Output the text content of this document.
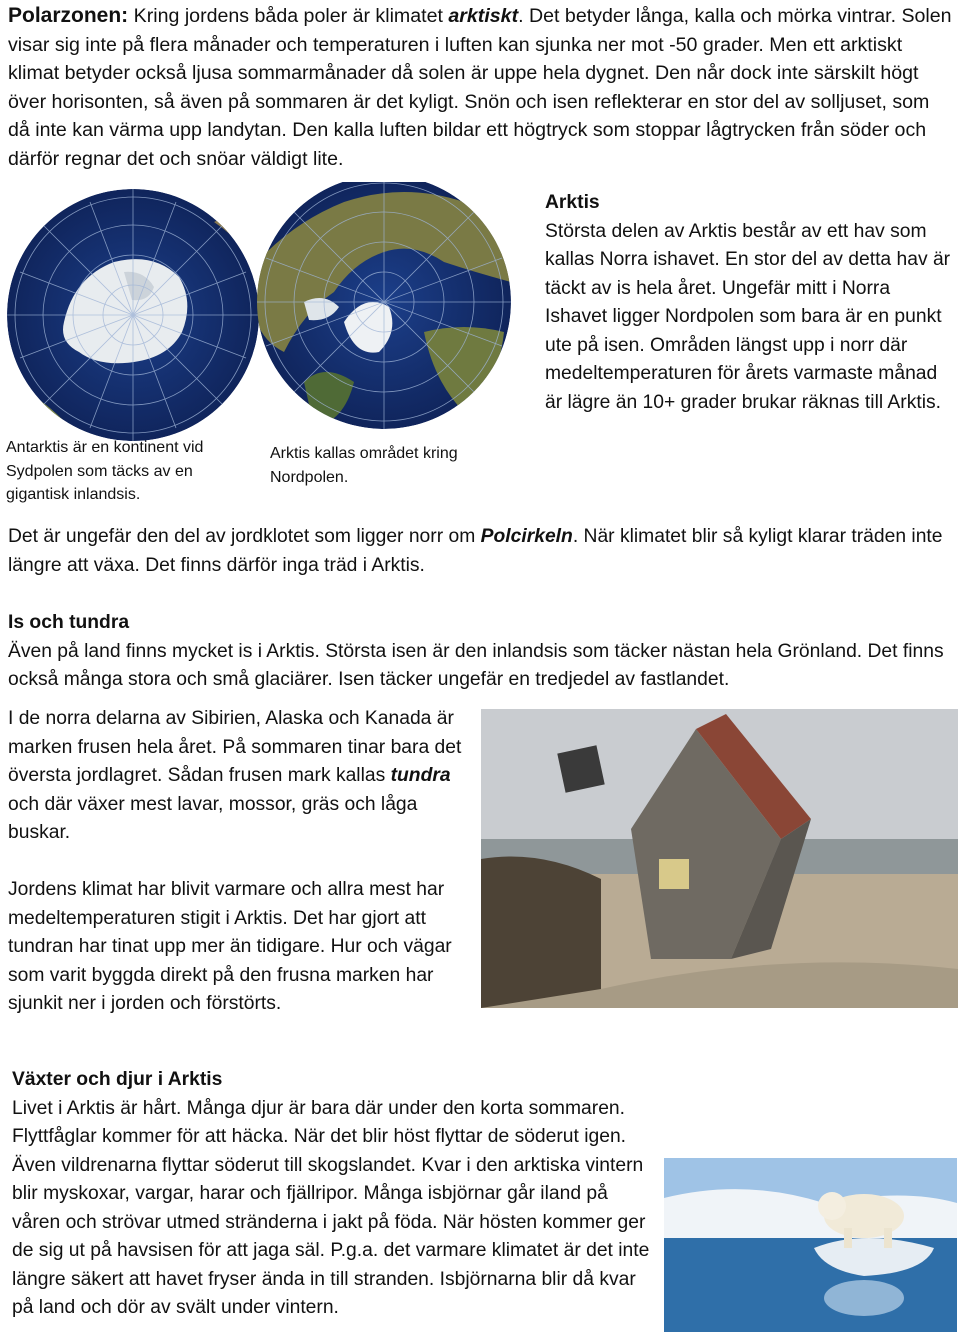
Polarzonen: Kring jordens båda poler är klimatet arktiskt. Det betyder långa, kalla och mörka vintrar. Solen visar sig inte på flera månader och temperaturen i luften kan sjunka ner mot -50 grader. Men ett arktiskt klimat betyder också ljusa sommarmånader då solen är uppe hela dygnet. Den når dock inte särskilt högt över horisonten, så även på sommaren är det kyligt. Snön och isen reflekterar en stor del av solljuset, som då inte kan värma upp landytan. Den kalla luften bildar ett högtryck som stoppar lågtrycken från söder och därför regnar det och snöar väldigt lite.
Antarktis är en kontinent vid Sydpolen som täcks av en gigantisk inlandsis.
Arktis kallas området kring Nordpolen.
Arktis
Största delen av Arktis består av ett hav som kallas Norra ishavet. En stor del av detta hav är täckt av is hela året. Ungefär mitt i Norra Ishavet ligger Nordpolen som bara är en punkt ute på isen. Områden längst upp i norr där medeltemperaturen för årets varmaste månad är lägre än 10+ grader brukar räknas till Arktis.
Det är ungefär den del av jordklotet som ligger norr om Polcirkeln. När klimatet blir så kyligt klarar träden inte längre att växa. Det finns därför inga träd i Arktis.
Is och tundra
Även på land finns mycket is i Arktis. Största isen är den inlandsis som täcker nästan hela Grönland. Det finns också många stora och små glaciärer. Isen täcker ungefär en tredjedel av fastlandet.
I de norra delarna av Sibirien, Alaska och Kanada är marken frusen hela året. På sommaren tinar bara det översta jordlagret. Sådan frusen mark kallas tundra och där växer mest lavar, mossor, gräs och låga buskar.
Jordens klimat har blivit varmare och allra mest har medeltemperaturen stigit i Arktis. Det har gjort att tundran har tinat upp mer än tidigare. Hur och vägar som varit byggda direkt på den frusna marken har sjunkit ner i jorden och förstörts.
Växter och djur i Arktis
Livet i Arktis är hårt. Många djur är bara där under den korta sommaren. Flyttfåglar kommer för att häcka. När det blir höst flyttar de söderut igen. Även vildrenarna flyttar söderut till skogslandet. Kvar i den arktiska vintern blir myskoxar, vargar, harar och fjällripor. Många isbjörnar går iland på våren och strövar utmed stränderna i jakt på föda. När hösten kommer ger de sig ut på havsisen för att jaga säl. P.g.a. det varmare klimatet är det inte längre säkert att havet fryser ända in till stranden. Isbjörnarna blir då kvar på land och dör av svält under vintern.
